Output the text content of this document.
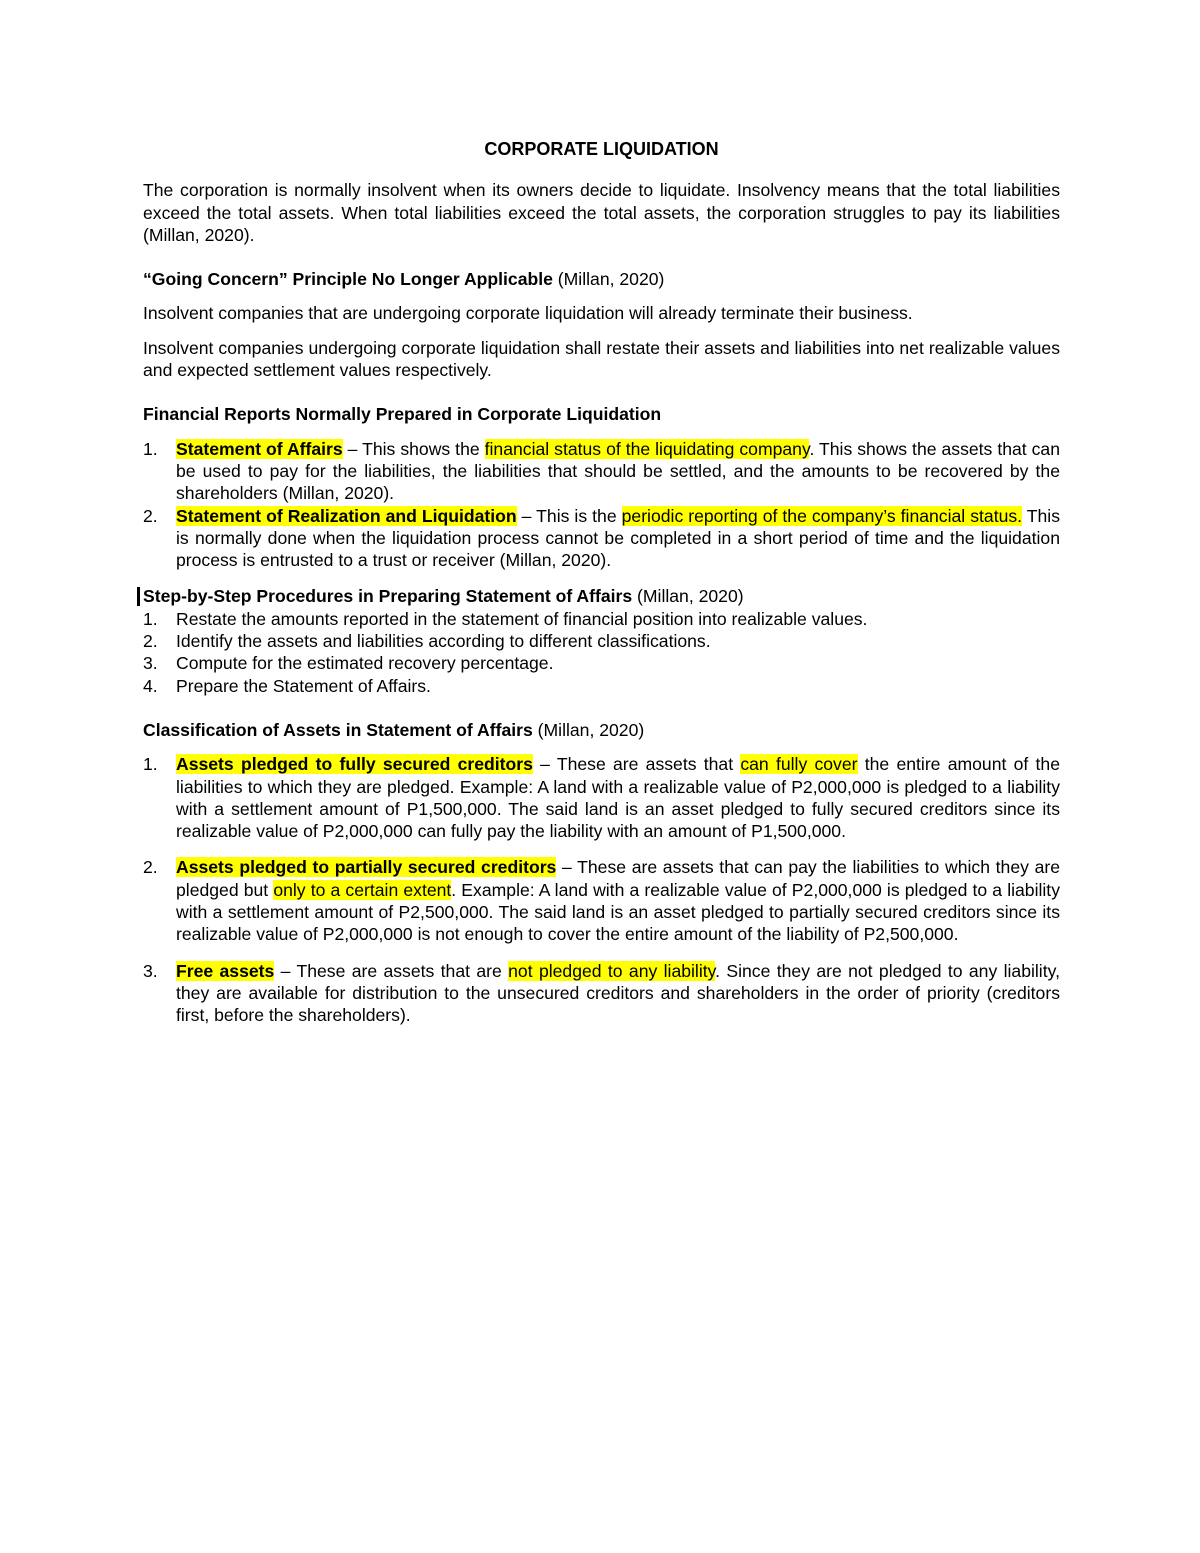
CORPORATE LIQUIDATION

The corporation is normally insolvent when its owners decide to liquidate. Insolvency means that the total liabilities exceed the total assets. When total liabilities exceed the total assets, the corporation struggles to pay its liabilities (Millan, 2020).

“Going Concern” Principle No Longer Applicable (Millan, 2020)

Insolvent companies that are undergoing corporate liquidation will already terminate their business.

Insolvent companies undergoing corporate liquidation shall restate their assets and liabilities into net realizable values and expected settlement values respectively.

Financial Reports Normally Prepared in Corporate Liquidation

1. Statement of Affairs – This shows the financial status of the liquidating company. This shows the assets that can be used to pay for the liabilities, the liabilities that should be settled, and the amounts to be recovered by the shareholders (Millan, 2020).
2. Statement of Realization and Liquidation – This is the periodic reporting of the company’s financial status. This is normally done when the liquidation process cannot be completed in a short period of time and the liquidation process is entrusted to a trust or receiver (Millan, 2020).

Step-by-Step Procedures in Preparing Statement of Affairs (Millan, 2020)

1. Restate the amounts reported in the statement of financial position into realizable values.
2. Identify the assets and liabilities according to different classifications.
3. Compute for the estimated recovery percentage.
4. Prepare the Statement of Affairs.

Classification of Assets in Statement of Affairs (Millan, 2020)

1. Assets pledged to fully secured creditors – These are assets that can fully cover the entire amount of the liabilities to which they are pledged. Example: A land with a realizable value of P2,000,000 is pledged to a liability with a settlement amount of P1,500,000. The said land is an asset pledged to fully secured creditors since its realizable value of P2,000,000 can fully pay the liability with an amount of P1,500,000.
2. Assets pledged to partially secured creditors – These are assets that can pay the liabilities to which they are pledged but only to a certain extent. Example: A land with a realizable value of P2,000,000 is pledged to a liability with a settlement amount of P2,500,000. The said land is an asset pledged to partially secured creditors since its realizable value of P2,000,000 is not enough to cover the entire amount of the liability of P2,500,000.
3. Free assets – These are assets that are not pledged to any liability. Since they are not pledged to any liability, they are available for distribution to the unsecured creditors and shareholders in the order of priority (creditors first, before the shareholders).
